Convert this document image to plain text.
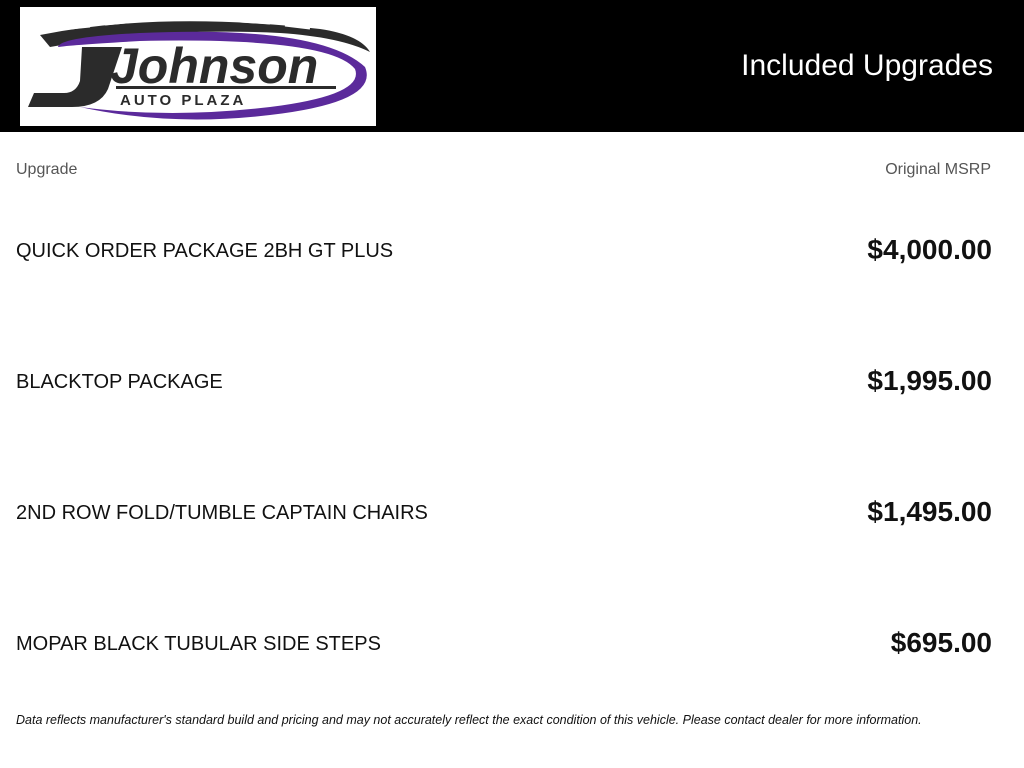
Johnson
AUTO PLAZA
Included Upgrades
Upgrade	Original MSRP
QUICK ORDER PACKAGE 2BH GT PLUS	$4,000.00
BLACKTOP PACKAGE	$1,995.00
2ND ROW FOLD/TUMBLE CAPTAIN CHAIRS	$1,495.00
MOPAR BLACK TUBULAR SIDE STEPS	$695.00
Data reflects manufacturer's standard build and pricing and may not accurately reflect the exact condition of this vehicle. Please contact dealer for more information.
